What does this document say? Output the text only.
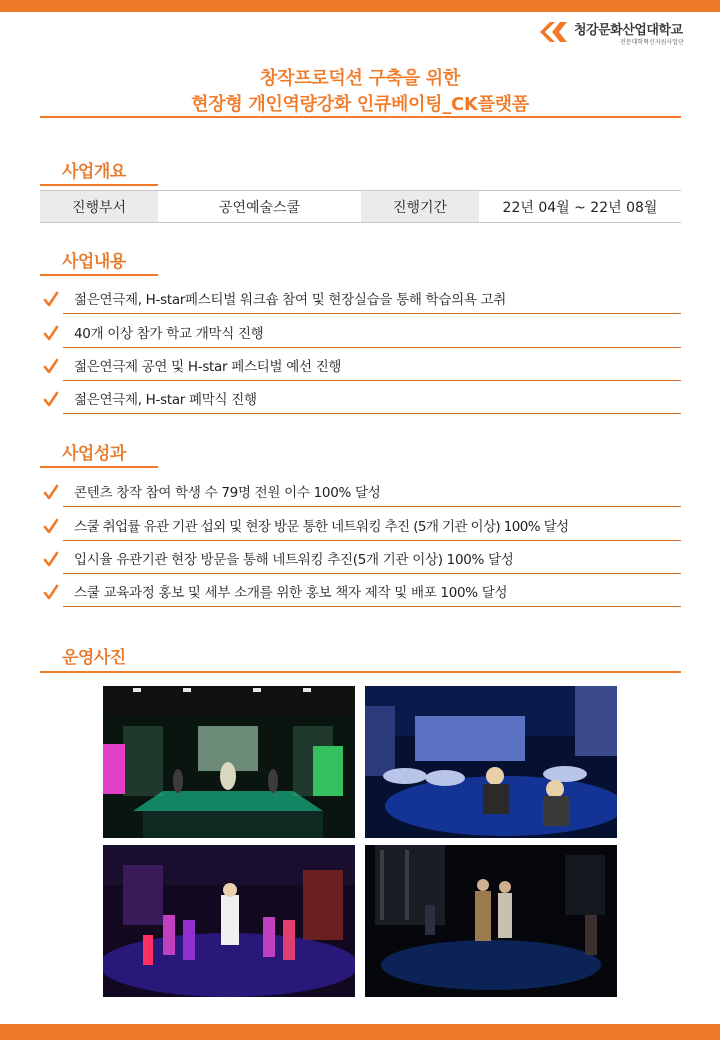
청강문화산업대학교
전문대학혁신지원사업단
창작프로덕션 구축을 위한
현장형 개인역량강화 인큐베이팅_CK플랫폼
사업개요
진행부서	공연예술스쿨	진행기간	22년 04월 ~ 22년 08월
사업내용
젊은연극제, H-star페스티벌 워크숍 참여 및 현장실습을 통해 학습의욕 고취
40개 이상 참가 학교 개막식 진행
젊은연극제 공연 및 H-star 페스티벌 예선 진행
젊은연극제, H-star 폐막식 진행
사업성과
콘텐츠 창작 참여 학생 수 79명 전원 이수 100% 달성
스쿨 취업률 유관 기관 섭외 및 현장 방문 통한 네트워킹 추진 (5개 기관 이상) 100% 달성
입시율 유관기관 현장 방문을 통해 네트워킹 추진(5개 기관 이상) 100% 달성
스쿨 교육과정 홍보 및 세부 소개를 위한 홍보 책자 제작 및 배포 100% 달성
운영사진
